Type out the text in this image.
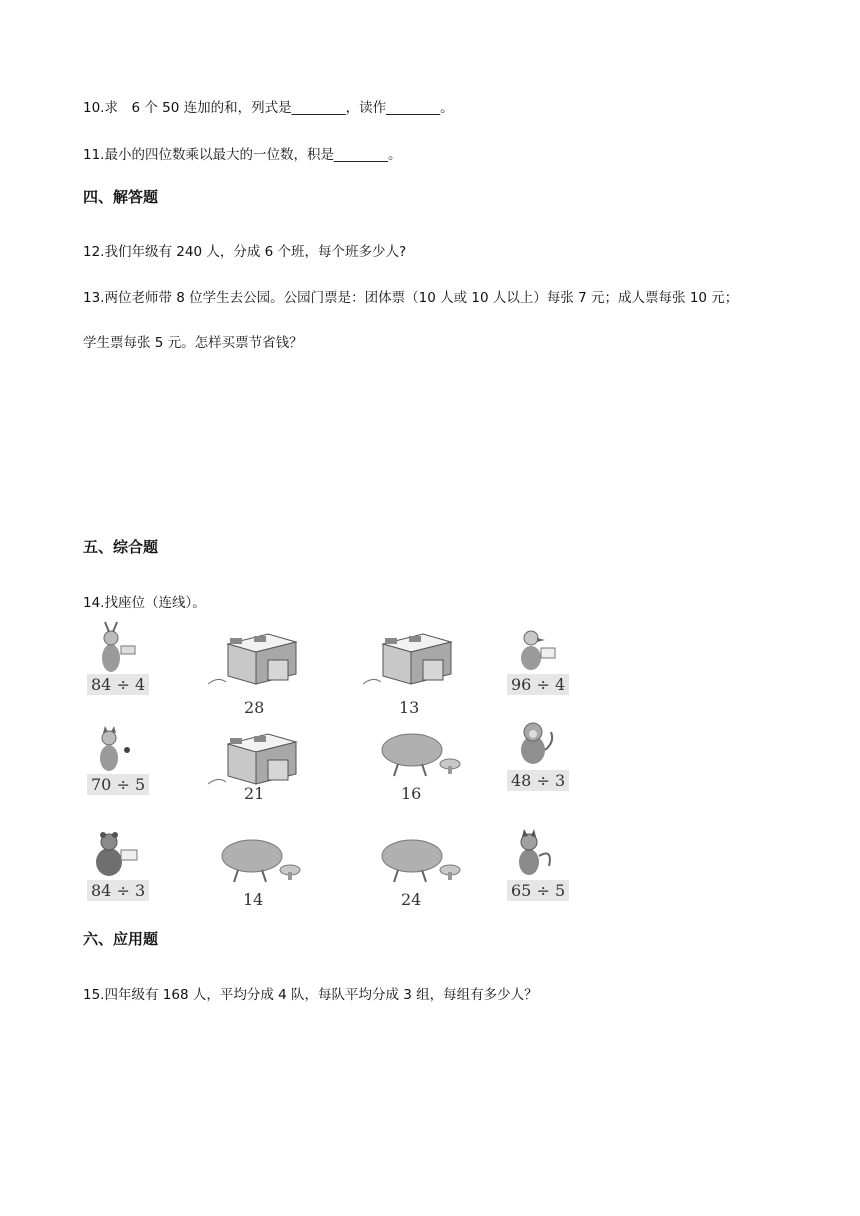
10.求　6 个 50 连加的和，列式是________，读作________。
11.最小的四位数乘以最大的一位数，积是________。
四、解答题
12.我们年级有 240 人，分成 6 个班，每个班多少人?
13.两位老师带 8 位学生去公园。公园门票是：团体票（10 人或 10 人以上）每张 7 元；成人票每张 10 元；
学生票每张 5 元。怎样买票节省钱？
五、综合题
14.找座位（连线）。
84 ÷ 4
28	13
96 ÷ 4
70 ÷ 5	21	16
48 ÷ 3
84 ÷ 3	14	24	65 ÷ 5
六、应用题
15.四年级有 168 人，平均分成 4 队，每队平均分成 3 组，每组有多少人？
